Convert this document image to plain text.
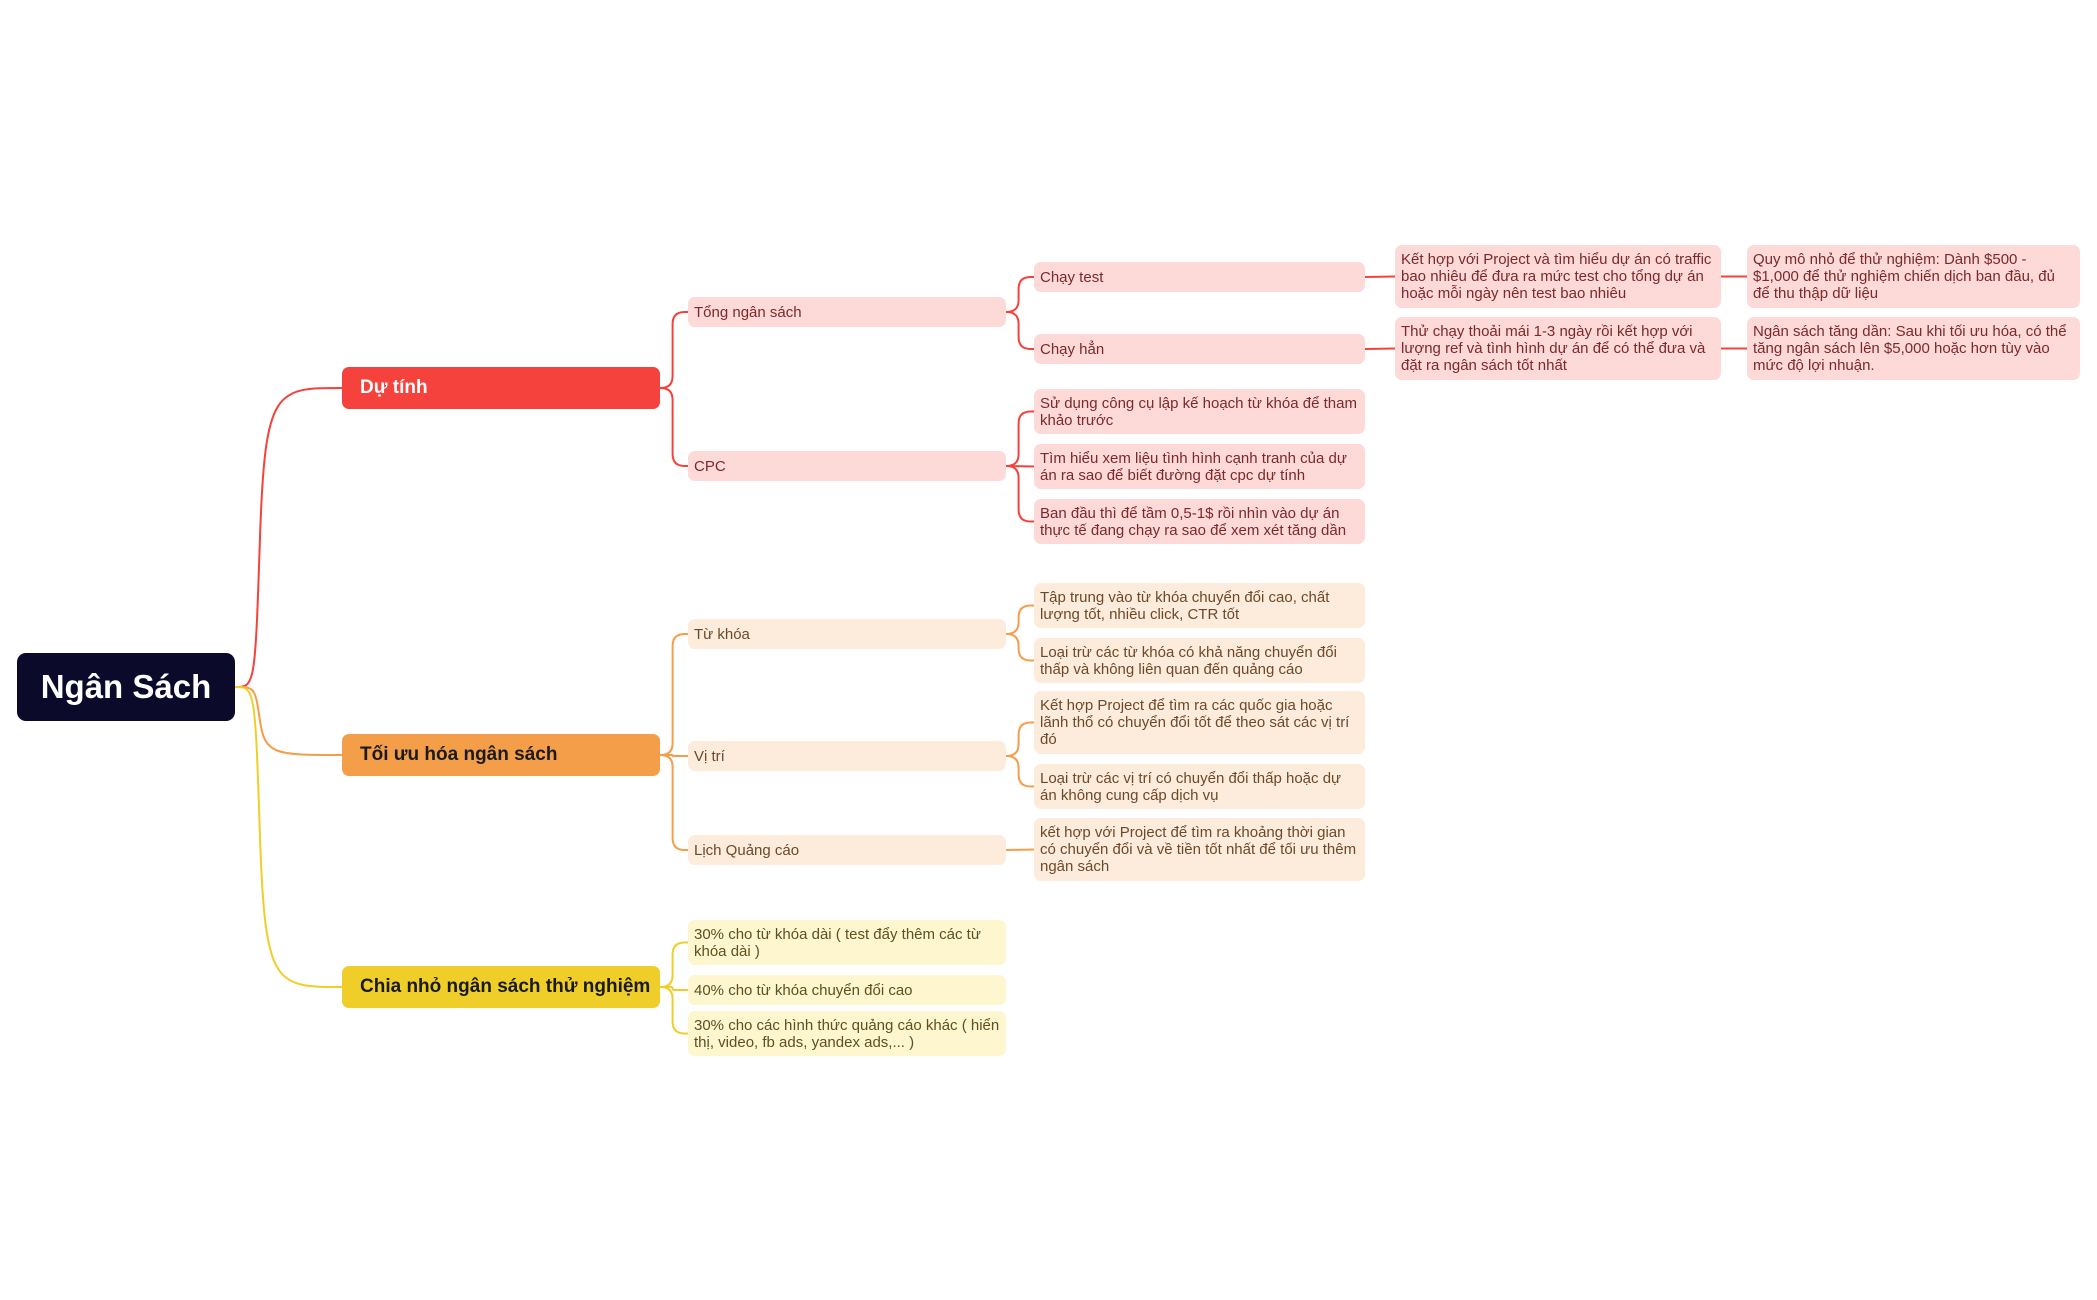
Ngân Sách
Dự tính
Tổng ngân sách
Chạy test
Kết hợp với Project và tìm hiểu dự án có traffic bao nhiêu để đưa ra mức test cho tổng dự án hoặc mỗi ngày nên test bao nhiêu
Quy mô nhỏ để thử nghiệm: Dành $500 - $1,000 để thử nghiệm chiến dịch ban đầu, đủ để thu thập dữ liệu
Chạy hẳn
Thử chạy thoải mái 1-3 ngày rồi kết hợp với lượng ref và tình hình dự án để có thể đưa và đặt ra ngân sách tốt nhất
Ngân sách tăng dần: Sau khi tối ưu hóa, có thể tăng ngân sách lên $5,000 hoặc hơn tùy vào mức độ lợi nhuận.
CPC
Sử dụng công cụ lập kế hoạch từ khóa để tham khảo trước
Tìm hiểu xem liệu tình hình cạnh tranh của dự án ra sao để biết đường đặt cpc dự tính
Ban đầu thì để tầm 0,5-1$ rồi nhìn vào dự án thực tế đang chạy ra sao để xem xét tăng dần
Tối ưu hóa ngân sách
Từ khóa
Tập trung vào từ khóa chuyển đổi cao, chất lượng tốt, nhiều click, CTR tốt
Loại trừ các từ khóa có khả năng chuyển đổi thấp và không liên quan đến quảng cáo
Vị trí
Kết hợp Project để tìm ra các quốc gia hoặc lãnh thổ có chuyển đổi tốt để theo sát các vị trí đó
Loại trừ các vị trí có chuyển đổi thấp hoặc dự án không cung cấp dịch vụ
Lịch Quảng cáo
kết hợp với Project để tìm ra khoảng thời gian có chuyển đổi và về tiền tốt nhất để tối ưu thêm ngân sách
Chia nhỏ ngân sách thử nghiệm
30% cho từ khóa dài ( test đẩy thêm các từ khóa dài )
40% cho từ khóa chuyển đổi cao
30% cho các hình thức quảng cáo khác ( hiển thị, video, fb ads, yandex ads,... )
